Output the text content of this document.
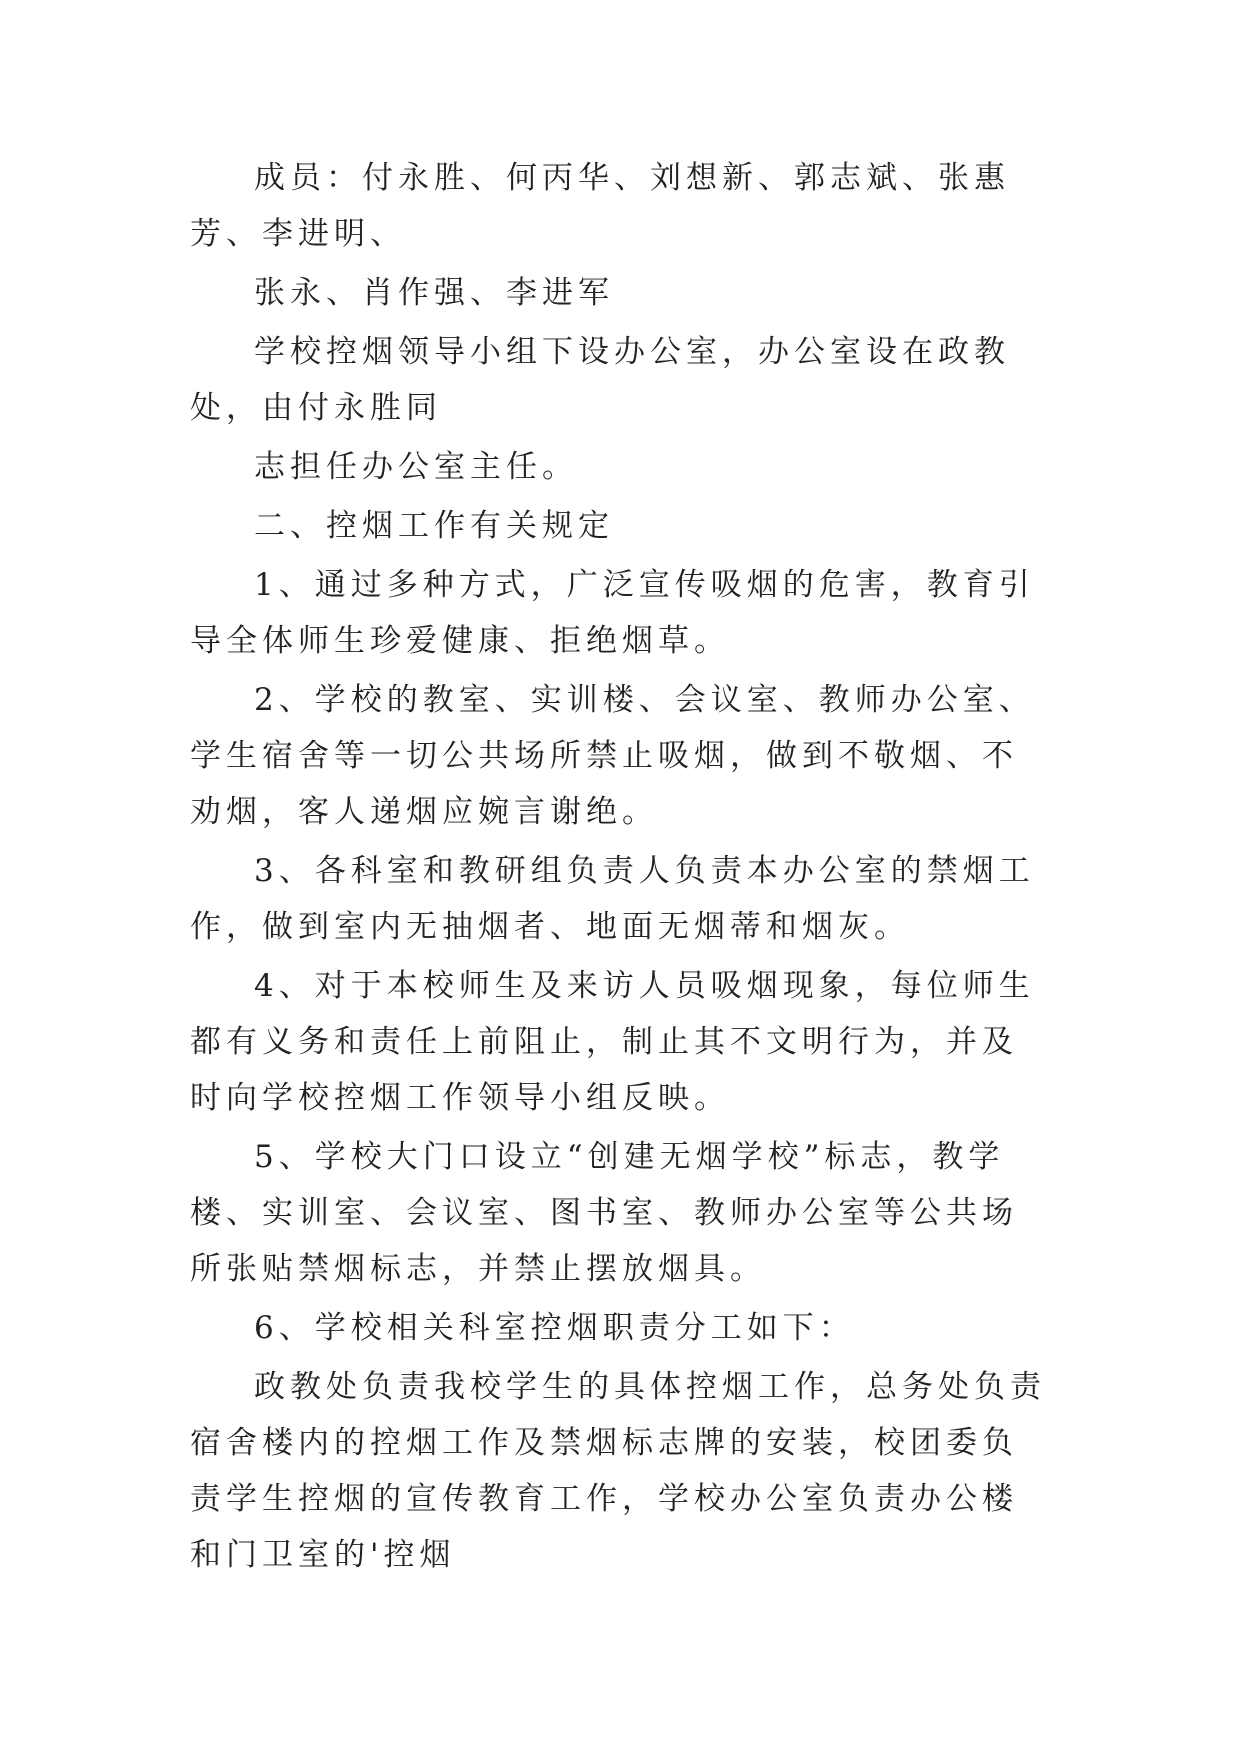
成员：付永胜、何丙华、刘想新、郭志斌、张惠芳、李进明、

张永、肖作强、李进军

学校控烟领导小组下设办公室，办公室设在政教处，由付永胜同

志担任办公室主任。

二、控烟工作有关规定

1、通过多种方式，广泛宣传吸烟的危害，教育引导全体师生珍爱健康、拒绝烟草。

2、学校的教室、实训楼、会议室、教师办公室、学生宿舍等一切公共场所禁止吸烟，做到不敬烟、不劝烟，客人递烟应婉言谢绝。

3、各科室和教研组负责人负责本办公室的禁烟工作，做到室内无抽烟者、地面无烟蒂和烟灰。

4、对于本校师生及来访人员吸烟现象，每位师生都有义务和责任上前阻止，制止其不文明行为，并及时向学校控烟工作领导小组反映。

5、学校大门口设立“创建无烟学校”标志，教学楼、实训室、会议室、图书室、教师办公室等公共场所张贴禁烟标志，并禁止摆放烟具。

6、学校相关科室控烟职责分工如下：

政教处负责我校学生的具体控烟工作，总务处负责宿舍楼内的控烟工作及禁烟标志牌的安装，校团委负责学生控烟的宣传教育工作，学校办公室负责办公楼和门卫室的'控烟
